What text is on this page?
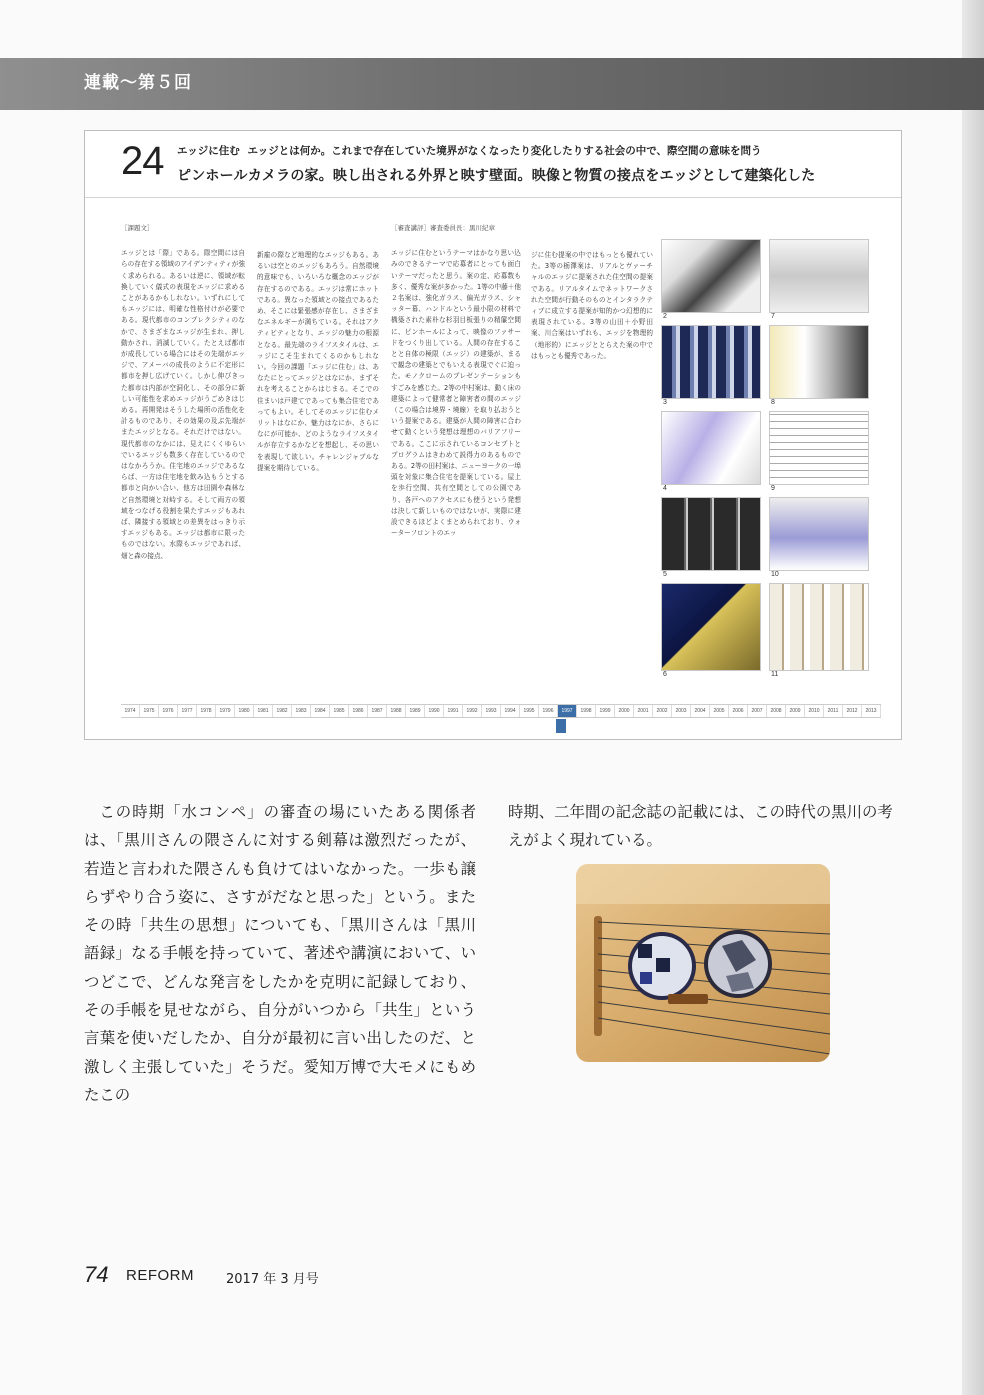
連載〜第５回
24 エッジに住む エッジとは何か。これまで存在していた境界がなくなったり変化したりする社会の中で、際空間の意味を問う
ピンホールカメラの家。映し出される外界と映す壁面。映像と物質の接点をエッジとして建築化した
［課題文］

エッジとは「際」である。際空間には自らの存在する領域のアイデンティティが強く求められる。あるいは逆に、領域が転換していく儀式の表現をエッジに求めることがあるかもしれない。いずれにしてもエッジには、明確な性格付けが必要である。現代都市のコンプレクシティのなかで、さまざまなエッジが生まれ、押し動かされ、消滅していく。たとえば都市が成長している場合にはその先端がエッジで、アメーバの成長のように不定形に都市を押し広げていく。しかし伸びきった都市は内部が空洞化し、その部分に新しい可能性を求めエッジがうごめきはじめる。再開発はそうした場所の活性化を計るものであり、その効果の及ぶ先端がまたエッジとなる。それだけではない。現代都市のなかには、見えにくくゆらいでいるエッジも数多く存在しているのではなかろうか。住宅地のエッジであるならば、一方は住宅地を飲み込もうとする都市と向かい合い、他方は田園や森林など自然環境と対峙する。そして両方の領域をつなげる役割を果たすエッジもあれば、隣接する領域との差異をはっきり示すエッジもある。エッジは都市に限ったものではない。水際もエッジであれば、畑と森の接点、

新雇の際など地理的なエッジもある。あるいは空とのエッジもあろう。自然環境的意味でも、いろいろな概念のエッジが存在するのである。エッジは常にホットである。異なった領域との接点であるため、そこには緊張感が存在し、さまざまなエネルギーが満ちている。それはアクティビティとなり、エッジの魅力の根源となる。最先端のライフスタイルは、エッジにこそ生まれてくるのかもしれない。今回の課題「エッジに住む」は、あなたにとってエッジとはなにか、まずそれを考えることからはじまる。そこでの住まいは戸建てであっても集合住宅であってもよい。そしてそのエッジに住むメリットはなにか、魅力はなにか、さらになにが可能か、どのようなライフスタイルが存立するかなどを想起し、その思いを表現して欲しい。チャレンジャブルな提案を期待している。

［審査講評］審査委員長：黒川紀章

エッジに住むというテーマはかなり思い込みのできるテーマで応募者にとっても面白いテーマだったと思う。案の定、応募数も多く、優秀な案が多かった。1等の中藤＋他２名案は、強化ガラス、偏光ガラス、シャッター幕、ハンドルという最小限の材料で構築された素朴な杉羽目板張りの精簾空間に、ピンホールによって、映像のファサードをつくり出している。人間の存在することと自体の極限（エッジ）の建築が、まるで観念の建築とでもいえる表現でぐに迫った。モノクロームのプレゼンテーションもすごみを感じた。2等の中村案は、動く床の建築によって健常者と障害者の間のエッジ（この場合は境界・境線）を取り払おうという提案である。建築が人間の障害に合わせて動くという発想は理想のバリアフリーである。ここに示されているコンセプトとプログラムはきわめて説得力のあるものである。2等の田村案は、ニューヨークの一埠頭を対象に集合住宅を提案している。屋上を歩行空間、共有空間としての公園であり、各戸へのアクセスにも使うという発想は決して新しいものではないが、実際に建設できるほどよくまとめられており、ウォーターフロントのエッ

ジに住む提案の中ではもっとも優れていた。3等の栃澤案は、リアルとヴァーチャルのエッジに提案された住空間の提案である。リアルタイムでネットワークされた空間が行動そのものとインタラクティブに成立する提案が知的かつ幻想的に表現されている。3等の山田＋小野田案、川合案はいずれも、エッジを物理的（地形的）にエッジととらえた案の中ではもっとも優秀であった。

2	7
3	8
4	9
5	10
6	11
1974	1975	1976	1977	1978	1979	1980	1981	1982	1983	1984	1985	1986	1987	1988	1989	1990	1991	1992	1993	1994	1995	1996	1997	1998	1999	2000	2001	2002	2003	2004	2005	2006	2007	2008	2009	2010	2011	2012	2013

この時期「水コンペ」の審査の場にいたある関係者は、「黒川さんの隈さんに対する剣幕は激烈だったが、若造と言われた隈さんも負けてはいなかった。一歩も譲らずやり合う姿に、さすがだなと思った」という。またその時「共生の思想」についても、「黒川さんは「黒川語録」なる手帳を持っていて、著述や講演において、いつどこで、どんな発言をしたかを克明に記録しており、その手帳を見せながら、自分がいつから「共生」という言葉を使いだしたか、自分が最初に言い出したのだ、と激しく主張していた」そうだ。愛知万博で大モメにもめたこの

時期、二年間の記念誌の記載には、この時代の黒川の考えがよく現れている。
74 REFORM 2017 年 3 月号
